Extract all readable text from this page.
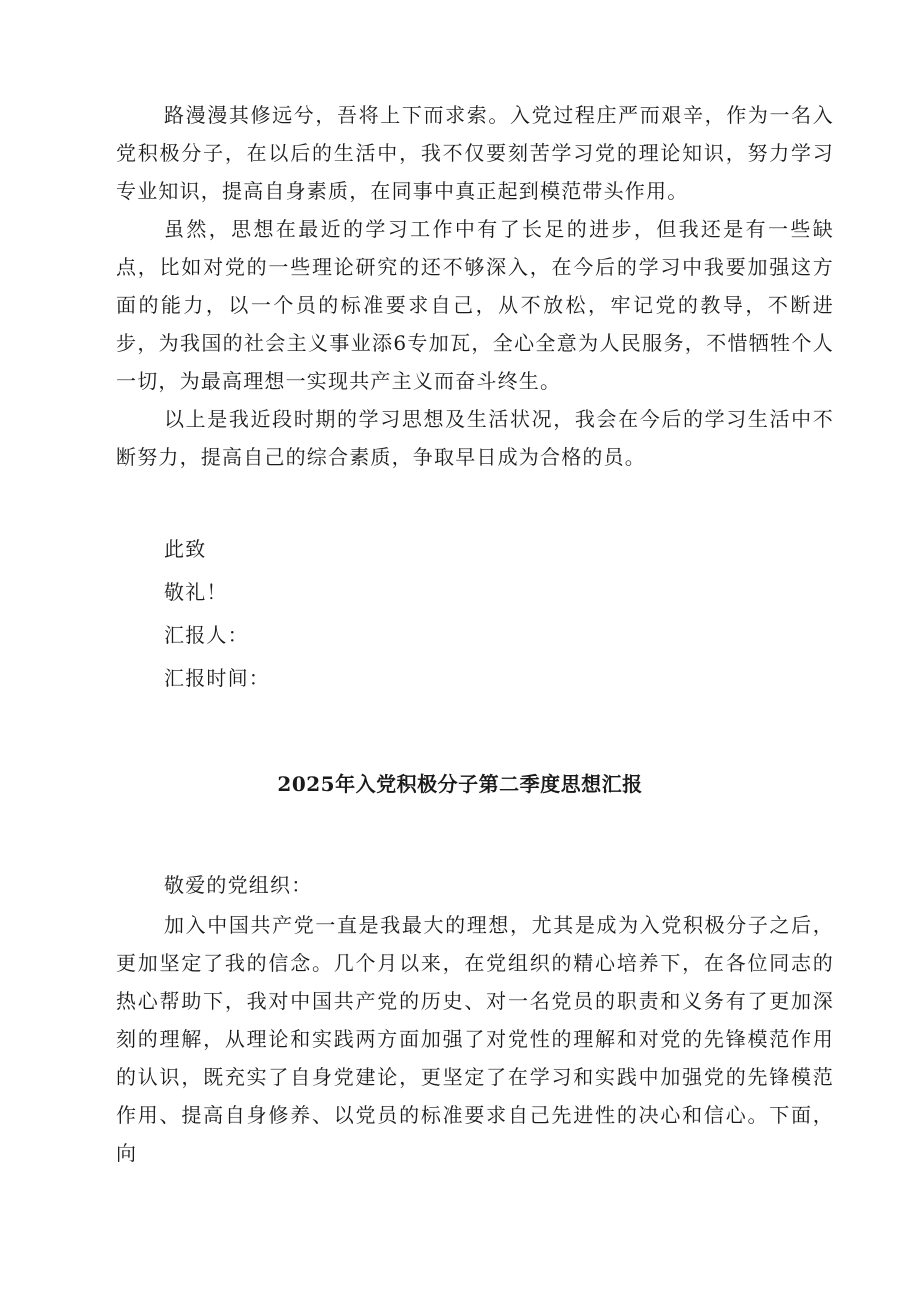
路漫漫其修远兮，吾将上下而求索。入党过程庄严而艰辛，作为一名入党积极分子，在以后的生活中，我不仅要刻苦学习党的理论知识，努力学习专业知识，提高自身素质，在同事中真正起到模范带头作用。

虽然，思想在最近的学习工作中有了长足的进步，但我还是有一些缺点，比如对党的一些理论研究的还不够深入，在今后的学习中我要加强这方面的能力，以一个员的标准要求自己，从不放松，牢记党的教导，不断进步，为我国的社会主义事业添6专加瓦，全心全意为人民服务，不惜牺牲个人一切，为最高理想一实现共产主义而奋斗终生。

以上是我近段时期的学习思想及生活状况，我会在今后的学习生活中不断努力，提高自己的综合素质，争取早日成为合格的员。

此致
敬礼！
汇报人：
汇报时间：
2025年入党积极分子第二季度思想汇报
敬爱的党组织：

加入中国共产党一直是我最大的理想，尤其是成为入党积极分子之后，更加坚定了我的信念。几个月以来，在党组织的精心培养下，在各位同志的热心帮助下，我对中国共产党的历史、对一名党员的职责和义务有了更加深刻的理解，从理论和实践两方面加强了对党性的理解和对党的先锋模范作用的认识，既充实了自身党建论，更坚定了在学习和实践中加强党的先锋模范作用、提高自身修养、以党员的标准要求自己先进性的决心和信心。下面，向
